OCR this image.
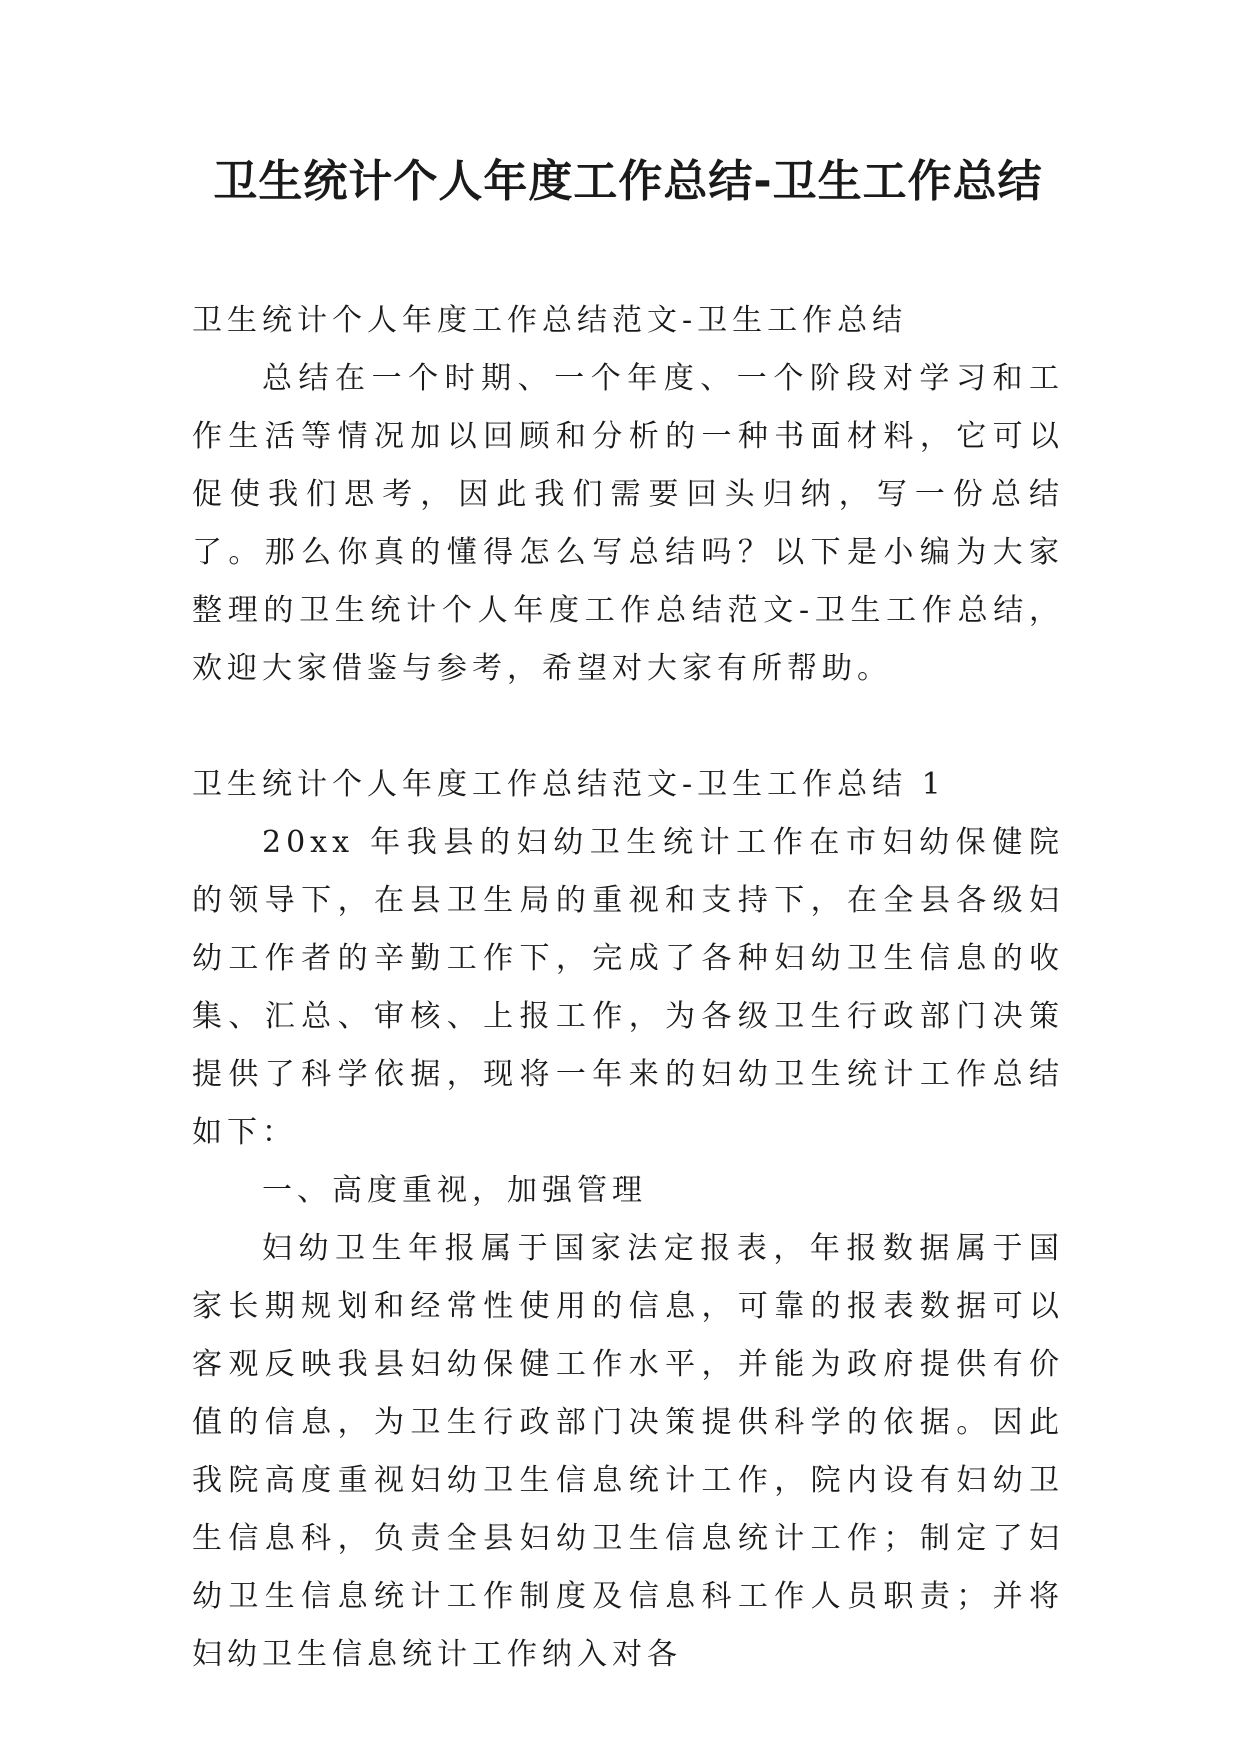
卫生统计个人年度工作总结-卫生工作总结

卫生统计个人年度工作总结范文-卫生工作总结

总结在一个时期、一个年度、一个阶段对学习和工作生活等情况加以回顾和分析的一种书面材料，它可以促使我们思考，因此我们需要回头归纳，写一份总结了。那么你真的懂得怎么写总结吗？以下是小编为大家整理的卫生统计个人年度工作总结范文-卫生工作总结，欢迎大家借鉴与参考，希望对大家有所帮助。

卫生统计个人年度工作总结范文-卫生工作总结 1

20xx 年我县的妇幼卫生统计工作在市妇幼保健院的领导下，在县卫生局的重视和支持下，在全县各级妇幼工作者的辛勤工作下，完成了各种妇幼卫生信息的收集、汇总、审核、上报工作，为各级卫生行政部门决策提供了科学依据，现将一年来的妇幼卫生统计工作总结如下：

一、高度重视，加强管理

妇幼卫生年报属于国家法定报表，年报数据属于国家长期规划和经常性使用的信息，可靠的报表数据可以客观反映我县妇幼保健工作水平，并能为政府提供有价值的信息，为卫生行政部门决策提供科学的依据。因此我院高度重视妇幼卫生信息统计工作，院内设有妇幼卫生信息科，负责全县妇幼卫生信息统计工作；制定了妇幼卫生信息统计工作制度及信息科工作人员职责；并将妇幼卫生信息统计工作纳入对各
